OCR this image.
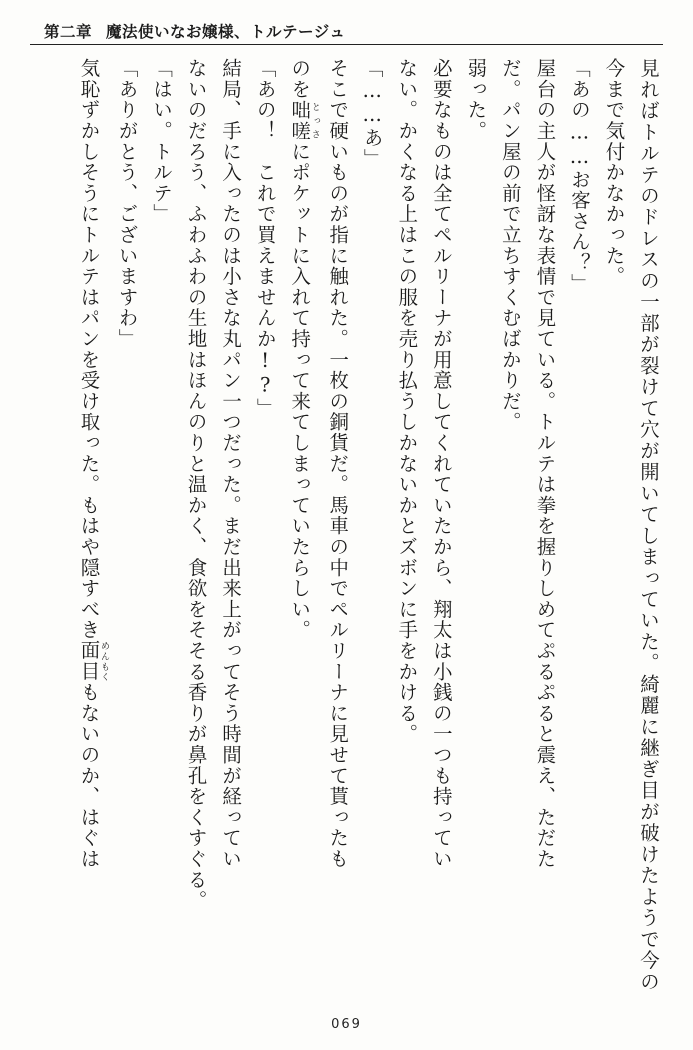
第二章 魔法使いなお嬢様、トルテージュ

見ればトルテのドレスの一部が裂けて穴が開いてしまっていた。綺麗に継ぎ目が破けたようで今の今まで気付かなかった。

「あの……お客さん？」

屋台の主人が怪訝な表情で見ている。トルテは拳を握りしめてぷるぷると震え、ただた

だ。パン屋の前で立ちすくむばかりだ。

弱った。

必要なものは全てペルリーナが用意してくれていたから、翔太は小銭の一つも持ってい

ない。かくなる上はこの服を売り払うしかないかとズボンに手をかける。

「……あ」

そこで硬いものが指に触れた。一枚の銅貨だ。馬車の中でペルリーナに見せて貰ったも

のを咄嗟とっさにポケットに入れて持って来てしまっていたらしい。

「あの！　これで買えませんか!?」

結局、手に入ったのは小さな丸パン一つだった。まだ出来上がってそう時間が経ってい

ないのだろう、ふわふわの生地はほんのりと温かく、食欲をそそる香りが鼻孔をくすぐる。

「はい。トルテ」

「ありがとう、ございますわ」

気恥ずかしそうにトルテはパンを受け取った。もはや隠すべき面目めんもくもないのか、はぐは

069
